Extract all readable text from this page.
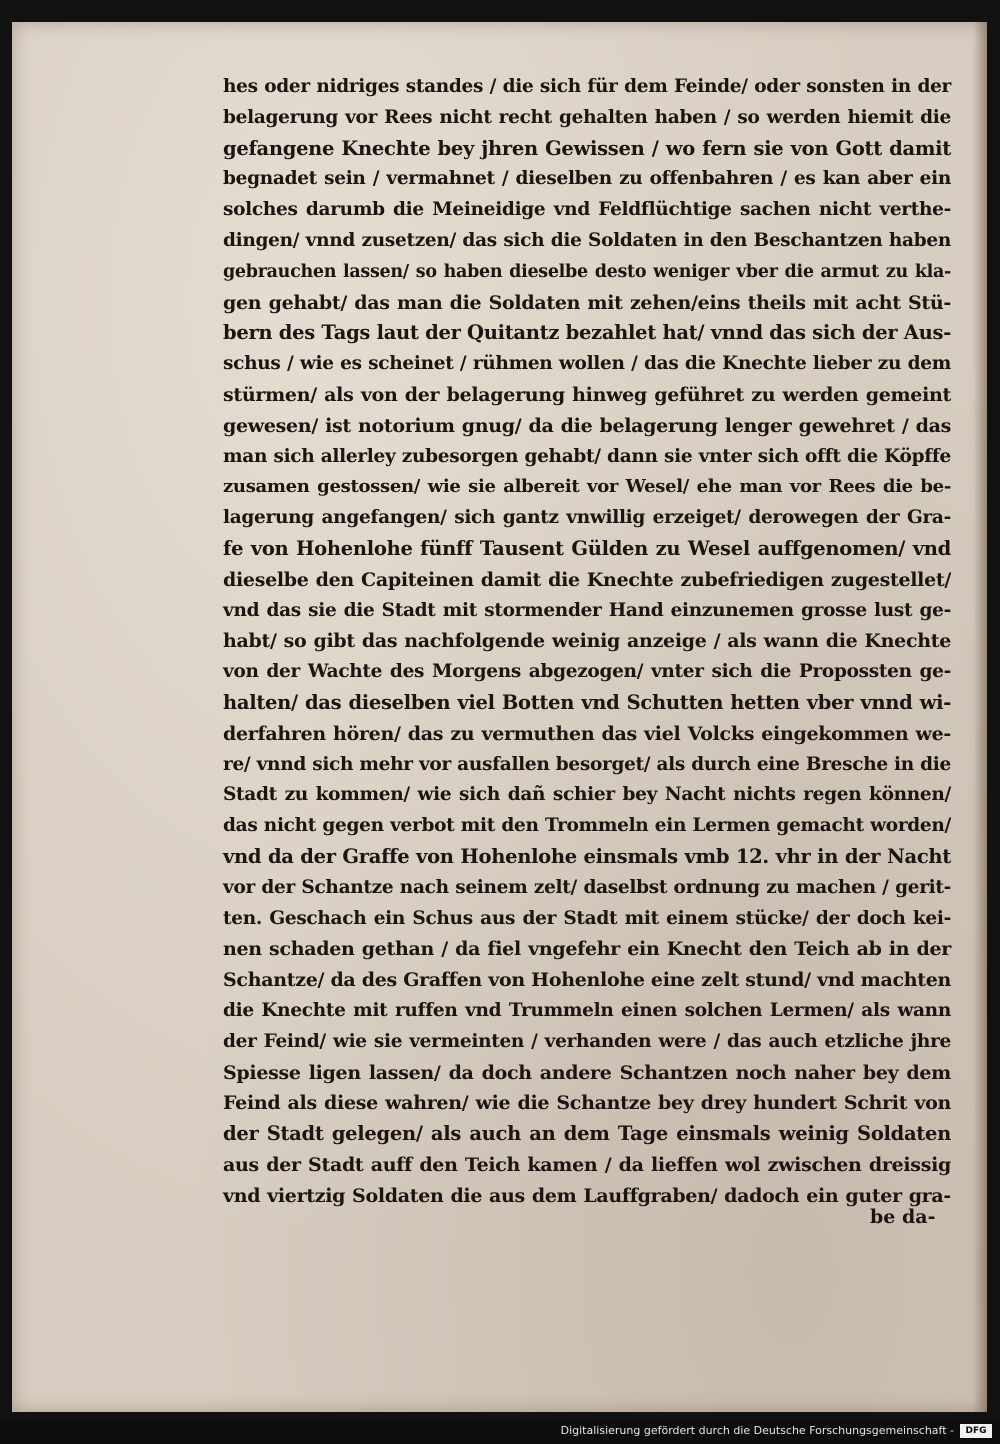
hes oder nidriges standes / die sich für dem Feinde/ oder sonsten in der
belagerung vor Rees nicht recht gehalten haben / so werden hiemit die
gefangene Knechte bey jhren Gewissen / wo fern sie von Gott damit
begnadet sein / vermahnet / dieselben zu offenbahren / es kan aber ein
solches darumb die Meineidige vnd Feldflüchtige sachen nicht verthe-
dingen/ vnnd zusetzen/ das sich die Soldaten in den Beschantzen haben
gebrauchen lassen/ so haben dieselbe desto weniger vber die armut zu kla-
gen gehabt/ das man die Soldaten mit zehen/eins theils mit acht Stü-
bern des Tags laut der Quitantz bezahlet hat/ vnnd das sich der Aus-
schus / wie es scheinet / rühmen wollen / das die Knechte lieber zu dem
stürmen/ als von der belagerung hinweg geführet zu werden gemeint
gewesen/ ist notorium gnug/ da die belagerung lenger gewehret / das
man sich allerley zubesorgen gehabt/ dann sie vnter sich offt die Köpffe
zusamen gestossen/ wie sie albereit vor Wesel/ ehe man vor Rees die be-
lagerung angefangen/ sich gantz vnwillig erzeiget/ derowegen der Gra-
fe von Hohenlohe fünff Tausent Gülden zu Wesel auffgenomen/ vnd
dieselbe den Capiteinen damit die Knechte zubefriedigen zugestellet/
vnd das sie die Stadt mit stormender Hand einzunemen grosse lust ge-
habt/ so gibt das nachfolgende weinig anzeige / als wann die Knechte
von der Wachte des Morgens abgezogen/ vnter sich die Propossten ge-
halten/ das dieselben viel Botten vnd Schutten hetten vber vnnd wi-
derfahren hören/ das zu vermuthen das viel Volcks eingekommen we-
re/ vnnd sich mehr vor ausfallen besorget/ als durch eine Bresche in die
Stadt zu kommen/ wie sich dañ schier bey Nacht nichts regen können/
das nicht gegen verbot mit den Trommeln ein Lermen gemacht worden/
vnd da der Graffe von Hohenlohe einsmals vmb 12. vhr in der Nacht
vor der Schantze nach seinem zelt/ daselbst ordnung zu machen / gerit-
ten. Geschach ein Schus aus der Stadt mit einem stücke/ der doch kei-
nen schaden gethan / da fiel vngefehr ein Knecht den Teich ab in der
Schantze/ da des Graffen von Hohenlohe eine zelt stund/ vnd machten
die Knechte mit ruffen vnd Trummeln einen solchen Lermen/ als wann
der Feind/ wie sie vermeinten / verhanden were / das auch etzliche jhre
Spiesse ligen lassen/ da doch andere Schantzen noch naher bey dem
Feind als diese wahren/ wie die Schantze bey drey hundert Schrit von
der Stadt gelegen/ als auch an dem Tage einsmals weinig Soldaten
aus der Stadt auff den Teich kamen / da lieffen wol zwischen dreissig
vnd viertzig Soldaten die aus dem Lauffgraben/ dadoch ein guter gra-
be da-
Digitalisierung gefördert durch die Deutsche Forschungsgemeinschaft -	DFG
